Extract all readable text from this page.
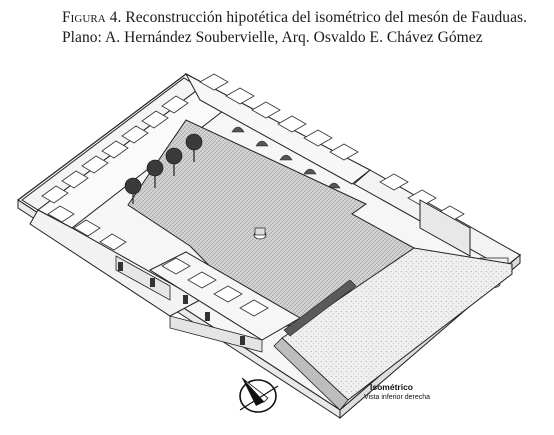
Figura 4. Reconstrucción hipotética del isométrico del mesón de Fauduas. Plano: A. Hernández Soubervielle, Arq. Osvaldo E. Chávez Gómez
Isométrico
Vista inferior derecha
